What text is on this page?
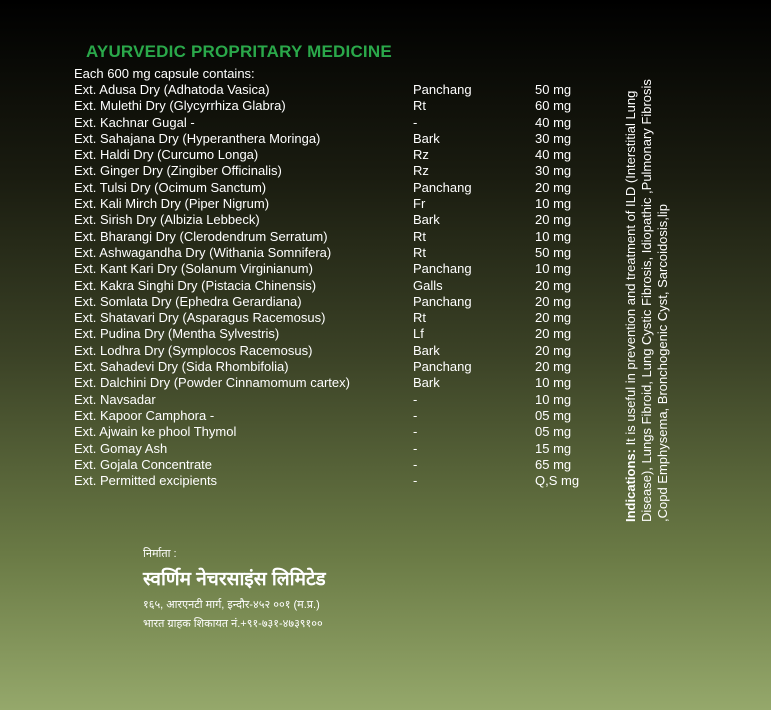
AYURVEDIC PROPRITARY MEDICINE
Each 600 mg capsule contains:
Ext. Adusa Dry (Adhatoda Vasica)	Panchang	50 mg
Ext. Mulethi Dry (Glycyrrhiza Glabra)	Rt	60 mg
Ext. Kachnar Gugal -	-	40 mg
Ext. Sahajana Dry (Hyperanthera Moringa)	Bark	30 mg
Ext. Haldi Dry (Curcumo Longa)	Rz	40 mg
Ext. Ginger Dry (Zingiber Officinalis)	Rz	30 mg
Ext. Tulsi Dry (Ocimum Sanctum)	Panchang	20 mg
Ext. Kali Mirch Dry (Piper Nigrum)	Fr	10 mg
Ext. Sirish Dry (Albizia Lebbeck)	Bark	20 mg
Ext. Bharangi Dry (Clerodendrum Serratum)	Rt	10 mg
Ext. Ashwagandha Dry (Withania Somnifera)	Rt	50 mg
Ext. Kant Kari Dry (Solanum Virginianum)	Panchang	10 mg
Ext. Kakra Singhi Dry (Pistacia Chinensis)	Galls	20 mg
Ext. Somlata Dry (Ephedra Gerardiana)	Panchang	20 mg
Ext. Shatavari Dry (Asparagus Racemosus)	Rt	20 mg
Ext. Pudina Dry (Mentha Sylvestris)	Lf	20 mg
Ext. Lodhra Dry (Symplocos Racemosus)	Bark	20 mg
Ext. Sahadevi Dry (Sida Rhombifolia)	Panchang	20 mg
Ext. Dalchini Dry (Powder Cinnamomum cartex)	Bark	10 mg
Ext. Navsadar	-	10 mg
Ext. Kapoor Camphora -	-	05 mg
Ext. Ajwain ke phool Thymol	-	05 mg
Ext. Gomay Ash	-	15 mg
Ext. Gojala Concentrate	-	65 mg
Ext. Permitted excipients	-	Q,S mg	Indications: It is useful in prevention and treatment of ILD (Interstitial Lung Disease), Lungs Fibroid, Lung Cystic Fibrosis, Idiopathic ,Pulmonary Fibrosis ,Copd Emphysema, Bronchogenic Cyst, Sarcoidosis,lip
निर्माता :
स्वर्णिम नेचरसाइंस लिमिटेड
१६५, आरएनटी मार्ग, इन्दौर-४५२ ००१ (म.प्र.)
भारत ग्राहक शिकायत नं.+९१-७३१-४७३९१००
